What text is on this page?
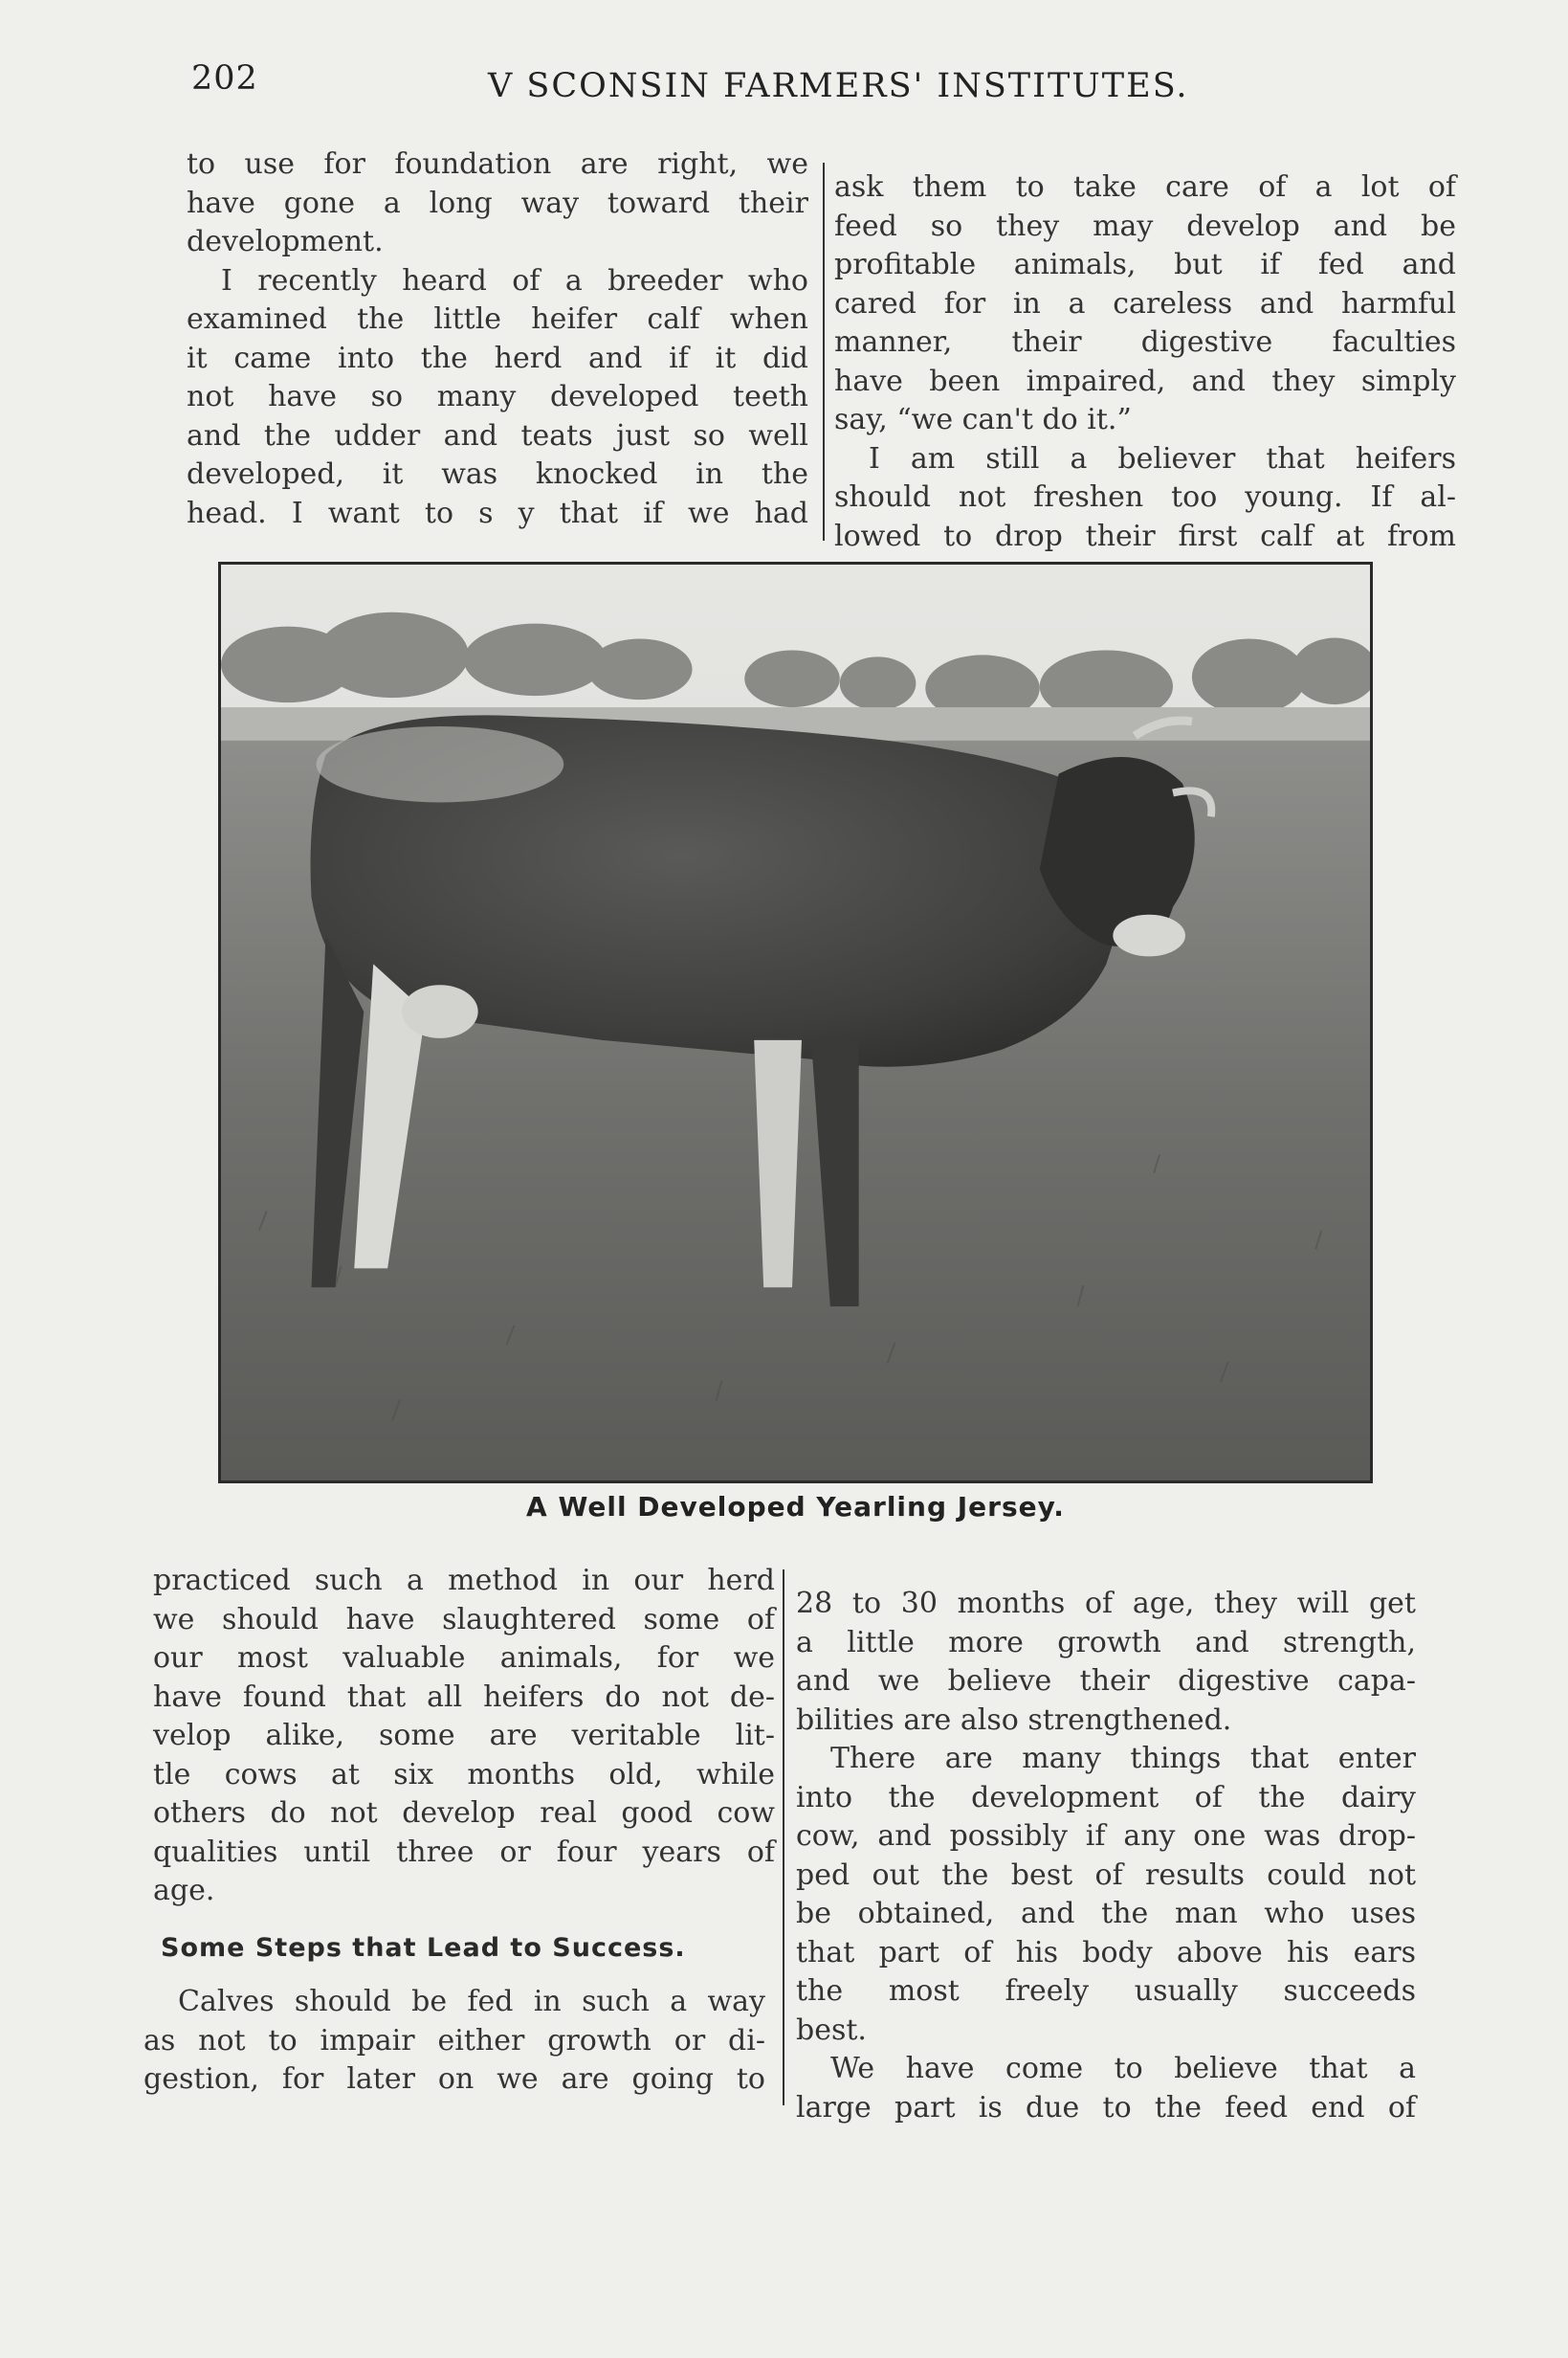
202	V SCONSIN FARMERS' INSTITUTES.
to use for foundation are right, we
have gone a long way toward their
development.
I recently heard of a breeder who
examined the little heifer calf when
it came into the herd and if it did
not have so many developed teeth
and the udder and teats just so well
developed, it was knocked in the
head. I want to s y that if we had
ask them to take care of a lot of
feed so they may develop and be
profitable animals, but if fed and
cared for in a careless and harmful
manner, their digestive faculties
have been impaired, and they simply
say, “we can't do it.”
I am still a believer that heifers
should not freshen too young. If al-
lowed to drop their first calf at from
A Well Developed Yearling Jersey.
practiced such a method in our herd
we should have slaughtered some of
our most valuable animals, for we
have found that all heifers do not de-
velop alike, some are veritable lit-
tle cows at six months old, while
others do not develop real good cow
qualities until three or four years of
age.
Some Steps that Lead to Success.
Calves should be fed in such a way
as not to impair either growth or di-
gestion, for later on we are going to
28 to 30 months of age, they will get
a little more growth and strength,
and we believe their digestive capa-
bilities are also strengthened.
There are many things that enter
into the development of the dairy
cow, and possibly if any one was drop-
ped out the best of results could not
be obtained, and the man who uses
that part of his body above his ears
the most freely usually succeeds
best.
We have come to believe that a
large part is due to the feed end of
